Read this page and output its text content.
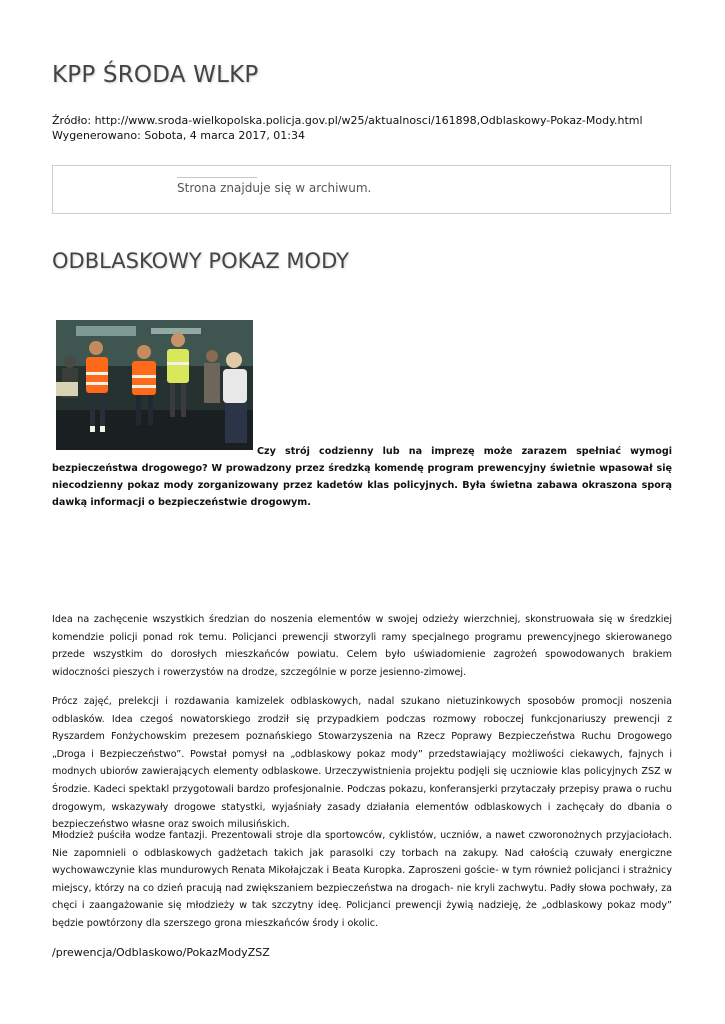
KPP ŚRODA WLKP
Źródło: http://www.sroda-wielkopolska.policja.gov.pl/w25/aktualnosci/161898,Odblaskowy-Pokaz-Mody.html
Wygenerowano: Sobota, 4 marca 2017, 01:34
Strona znajduje się w archiwum.
ODBLASKOWY POKAZ MODY

Czy strój codzienny lub na imprezę może zarazem spełniać wymogi bezpieczeństwa drogowego? W prowadzony przez średzką komendę program prewencyjny świetnie wpasował się niecodzienny pokaz mody zorganizowany przez kadetów klas policyjnych. Była świetna zabawa okraszona sporą dawką informacji o bezpieczeństwie drogowym.

Idea na zachęcenie wszystkich średzian do noszenia elementów w swojej odzieży wierzchniej, skonstruowała się w średzkiej komendzie policji ponad rok temu. Policjanci prewencji stworzyli ramy specjalnego programu prewencyjnego skierowanego przede wszystkim do dorosłych mieszkańców powiatu. Celem było uświadomienie zagrożeń spowodowanych brakiem widoczności pieszych i rowerzystów na drodze, szczególnie w porze jesienno-zimowej.

Prócz zajęć, prelekcji i rozdawania kamizelek odblaskowych, nadal szukano nietuzinkowych sposobów promocji noszenia odblasków. Idea czegoś nowatorskiego zrodził się przypadkiem podczas rozmowy roboczej funkcjonariuszy prewencji z Ryszardem Fonżychowskim prezesem poznańskiego Stowarzyszenia na Rzecz Poprawy Bezpieczeństwa Ruchu Drogowego „Droga i Bezpieczeństwo”. Powstał pomysł na „odblaskowy pokaz mody” przedstawiający możliwości ciekawych, fajnych i modnych ubiorów zawierających elementy odblaskowe. Urzeczywistnienia projektu podjęli się uczniowie klas policyjnych ZSZ w Środzie. Kadeci spektakl przygotowali bardzo profesjonalnie. Podczas pokazu, konferansjerki przytaczały przepisy prawa o ruchu drogowym, wskazywały drogowe statystki, wyjaśniały zasady działania elementów odblaskowych i zachęcały do dbania o bezpieczeństwo własne oraz swoich milusińskich.

Młodzież puściła wodze fantazji. Prezentowali stroje dla sportowców, cyklistów, uczniów, a nawet czworonożnych przyjaciołach. Nie zapomnieli o odblaskowych gadżetach takich jak parasolki czy torbach na zakupy. Nad całością czuwały energiczne wychowawczynie klas mundurowych Renata Mikołajczak i Beata Kuropka. Zaproszeni goście- w tym również policjanci i strażnicy miejscy, którzy na co dzień pracują nad zwiększaniem bezpieczeństwa na drogach- nie kryli zachwytu. Padły słowa pochwały, za chęci i zaangażowanie się młodzieży w tak szczytny ideę. Policjanci prewencji żywią nadzieję, że „odblaskowy pokaz mody” będzie powtórzony dla szerszego grona mieszkańców środy i okolic.

/prewencja/Odblaskowo/PokazModyZSZ
